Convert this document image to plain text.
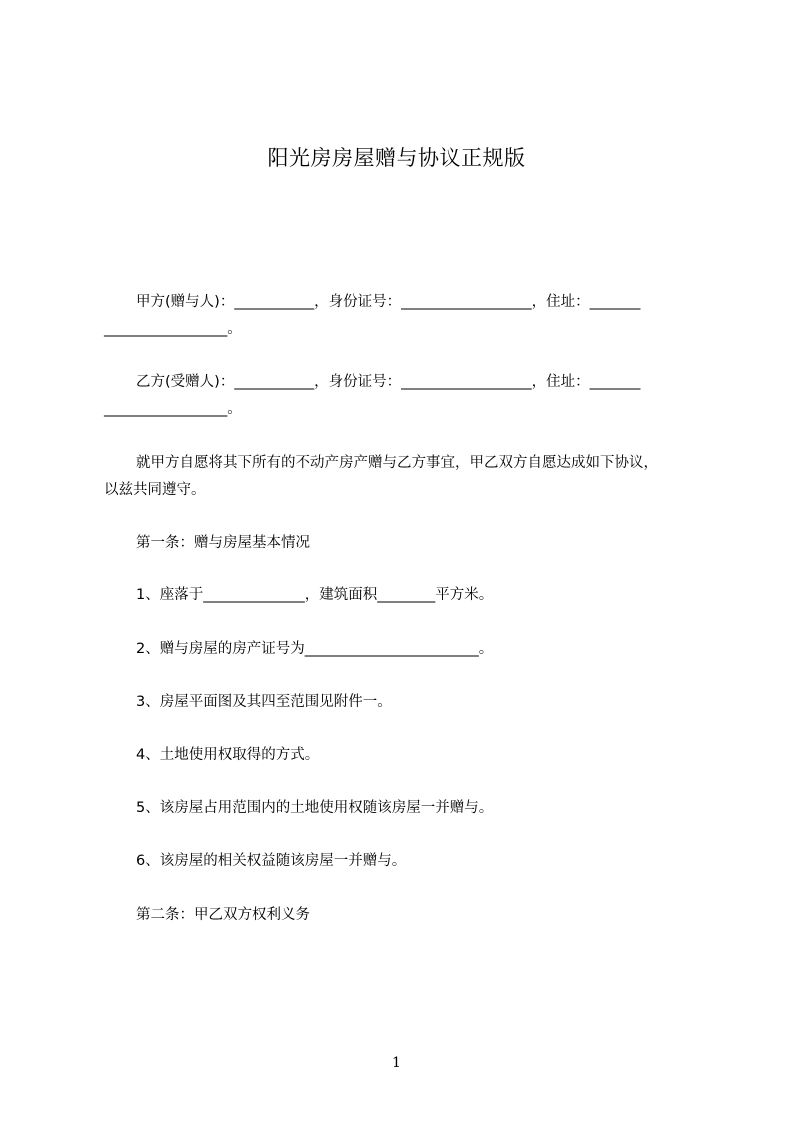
阳光房房屋赠与协议正规版
甲方(赠与人)：___________，身份证号：__________________，住址：_______
_________________。
乙方(受赠人)：___________，身份证号：__________________，住址：_______
_________________。
就甲方自愿将其下所有的不动产房产赠与乙方事宜，甲乙双方自愿达成如下协议，
以兹共同遵守。
第一条：赠与房屋基本情况
1、座落于______________，建筑面积________平方米。
2、赠与房屋的房产证号为________________________。
3、房屋平面图及其四至范围见附件一。
4、土地使用权取得的方式。
5、该房屋占用范围内的土地使用权随该房屋一并赠与。
6、该房屋的相关权益随该房屋一并赠与。
第二条：甲乙双方权利义务
1
